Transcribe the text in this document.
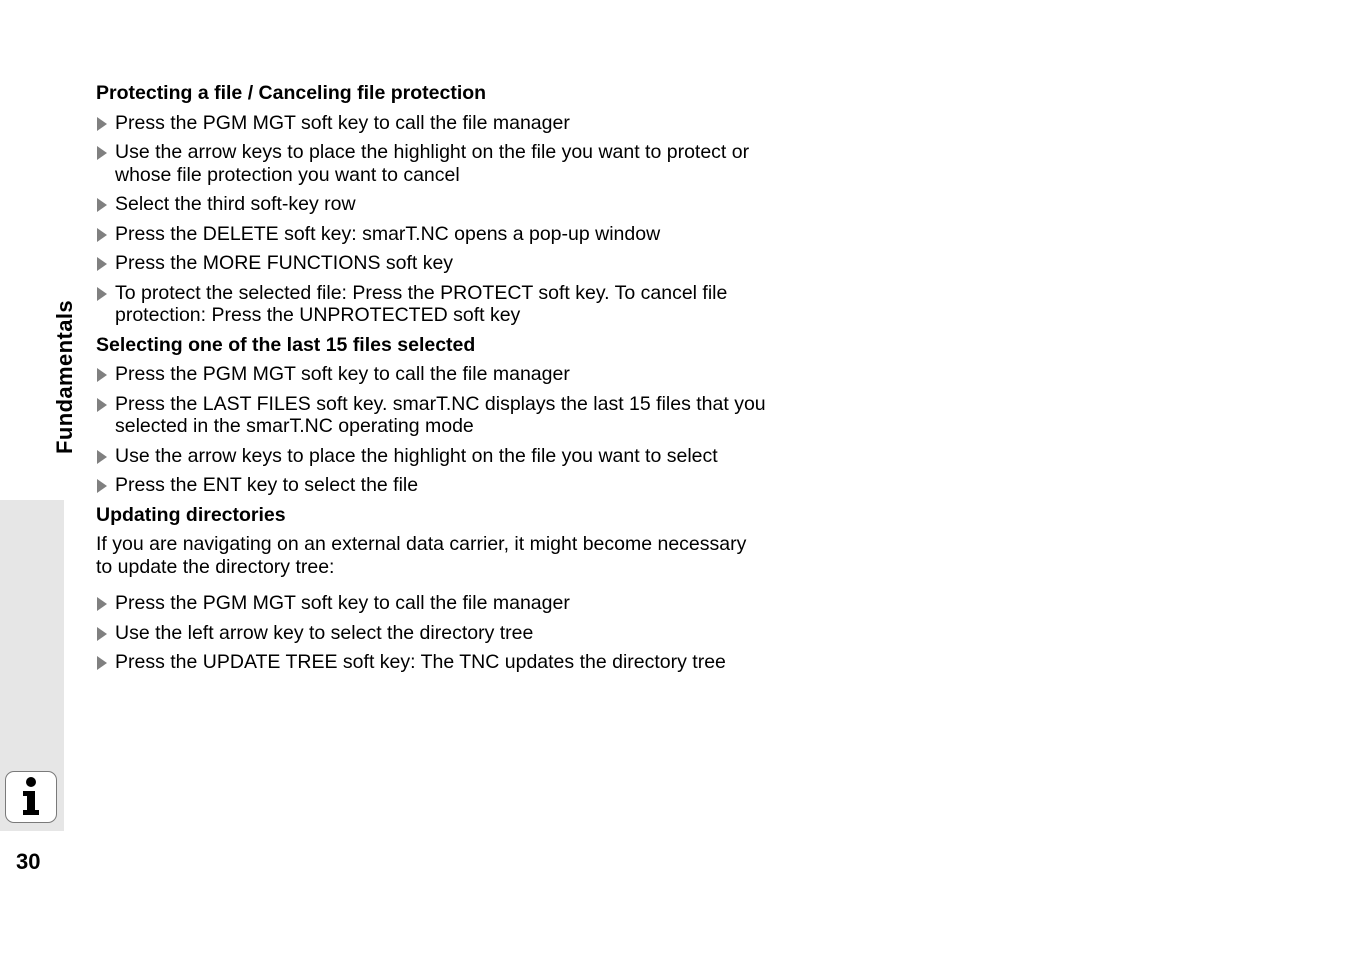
Fundamentals
30
Protecting a file / Canceling file protection
Press the PGM MGT soft key to call the file manager
Use the arrow keys to place the highlight on the file you want to protect or whose file protection you want to cancel
Select the third soft-key row
Press the DELETE soft key: smarT.NC opens a pop-up window
Press the MORE FUNCTIONS soft key
To protect the selected file: Press the PROTECT soft key. To cancel file protection: Press the UNPROTECTED soft key
Selecting one of the last 15 files selected
Press the PGM MGT soft key to call the file manager
Press the LAST FILES soft key. smarT.NC displays the last 15 files that you selected in the smarT.NC operating mode
Use the arrow keys to place the highlight on the file you want to select
Press the ENT key to select the file
Updating directories

If you are navigating on an external data carrier, it might become necessary to update the directory tree:

Press the PGM MGT soft key to call the file manager
Use the left arrow key to select the directory tree
Press the UPDATE TREE soft key: The TNC updates the directory tree
